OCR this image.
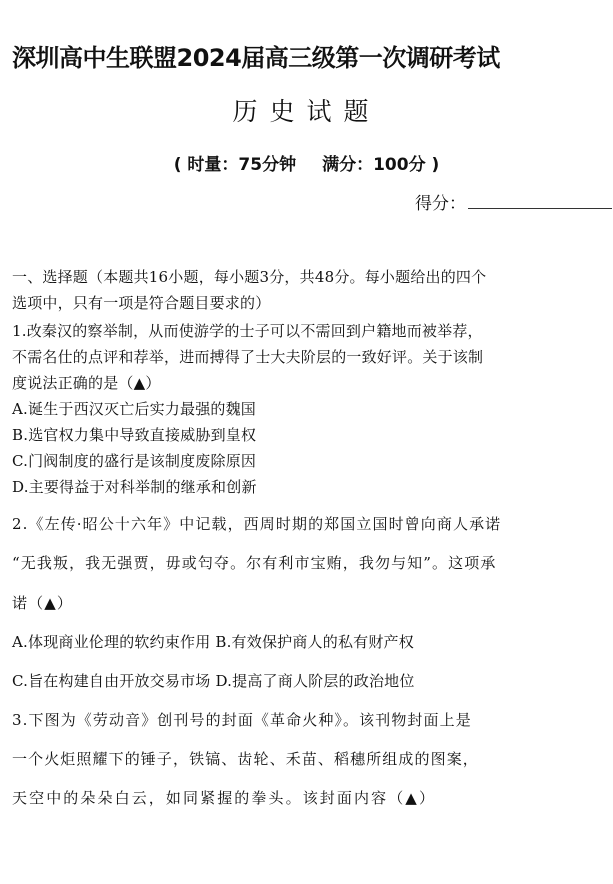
深圳高中生联盟2024届高三级第一次调研考试
历史试题
( 时量：75分钟 满分：100分 )
得分：
一、选择题（本题共16小题，每小题3分，共48分。每小题给出的四个
选项中，只有一项是符合题目要求的）
1.改秦汉的察举制，从而使游学的士子可以不需回到户籍地而被举荐，
不需名仕的点评和荐举，进而搏得了士大夫阶层的一致好评。关于该制
度说法正确的是（▲）
A.诞生于西汉灭亡后实力最强的魏国
B.选官权力集中导致直接威胁到皇权
C.门阀制度的盛行是该制度废除原因
D.主要得益于对科举制的继承和创新
2.《左传·昭公十六年》中记载，西周时期的郑国立国时曾向商人承诺
“无我叛，我无强贾，毋或匄夺。尔有利市宝贿，我勿与知”。这项承
诺（▲）
A.体现商业伦理的软约束作用 B.有效保护商人的私有财产权
C.旨在构建自由开放交易市场 D.提高了商人阶层的政治地位
3.下图为《劳动音》创刊号的封面《革命火种》。该刊物封面上是
一个火炬照耀下的锤子，铁镐、齿轮、禾苗、稻穗所组成的图案，
天空中的朵朵白云，如同紧握的拳头。该封面内容（▲）
